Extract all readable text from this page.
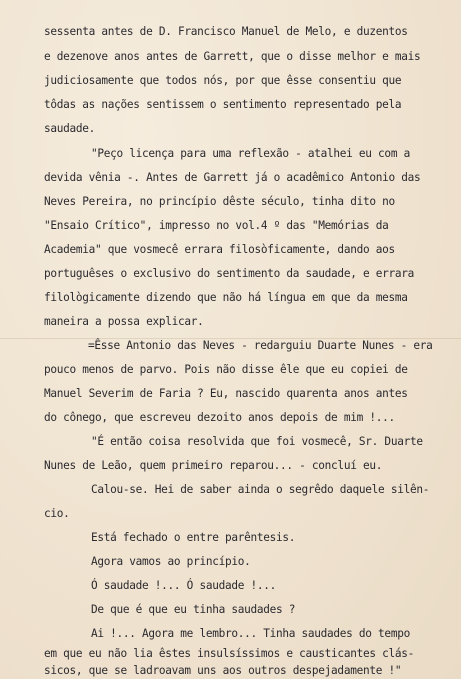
sessenta antes de D. Francisco Manuel de Melo, e duzentos
e dezenove anos antes de Garrett, que o disse melhor e mais
judiciosamente que todos nós, por que êsse consentiu que
tôdas as nações sentissem o sentimento representado pela
saudade.
"Peço licença para uma reflexão - atalhei eu com a
devida vênia -. Antes de Garrett já o acadêmico Antonio das
Neves Pereira, no princípio dêste século, tinha dito no
"Ensaio Crítico", impresso no vol.4 º das "Memórias da
Academia" que vosmecê errara filosòficamente, dando aos
portuguêses o exclusivo do sentimento da saudade, e errara
filològicamente dizendo que não há língua em que da mesma
maneira a possa explicar.
=Êsse Antonio das Neves - redarguiu Duarte Nunes - era
pouco menos de parvo. Pois não disse êle que eu copiei de
Manuel Severim de Faria ? Eu, nascido quarenta anos antes
do cônego, que escreveu dezoito anos depois de mim !...
"É então coisa resolvida que foi vosmecê, Sr. Duarte
Nunes de Leão, quem primeiro reparou... - concluí eu.
Calou-se. Hei de saber ainda o segrêdo daquele silên-
cio.
Está fechado o entre parêntesis.
Agora vamos ao princípio.
Ó saudade !... Ó saudade !...
De que é que eu tinha saudades ?
Ai !... Agora me lembro... Tinha saudades do tempo
em que eu não lia êstes insulsíssimos e causticantes clás-
sicos, que se ladroavam uns aos outros despejadamente !"
